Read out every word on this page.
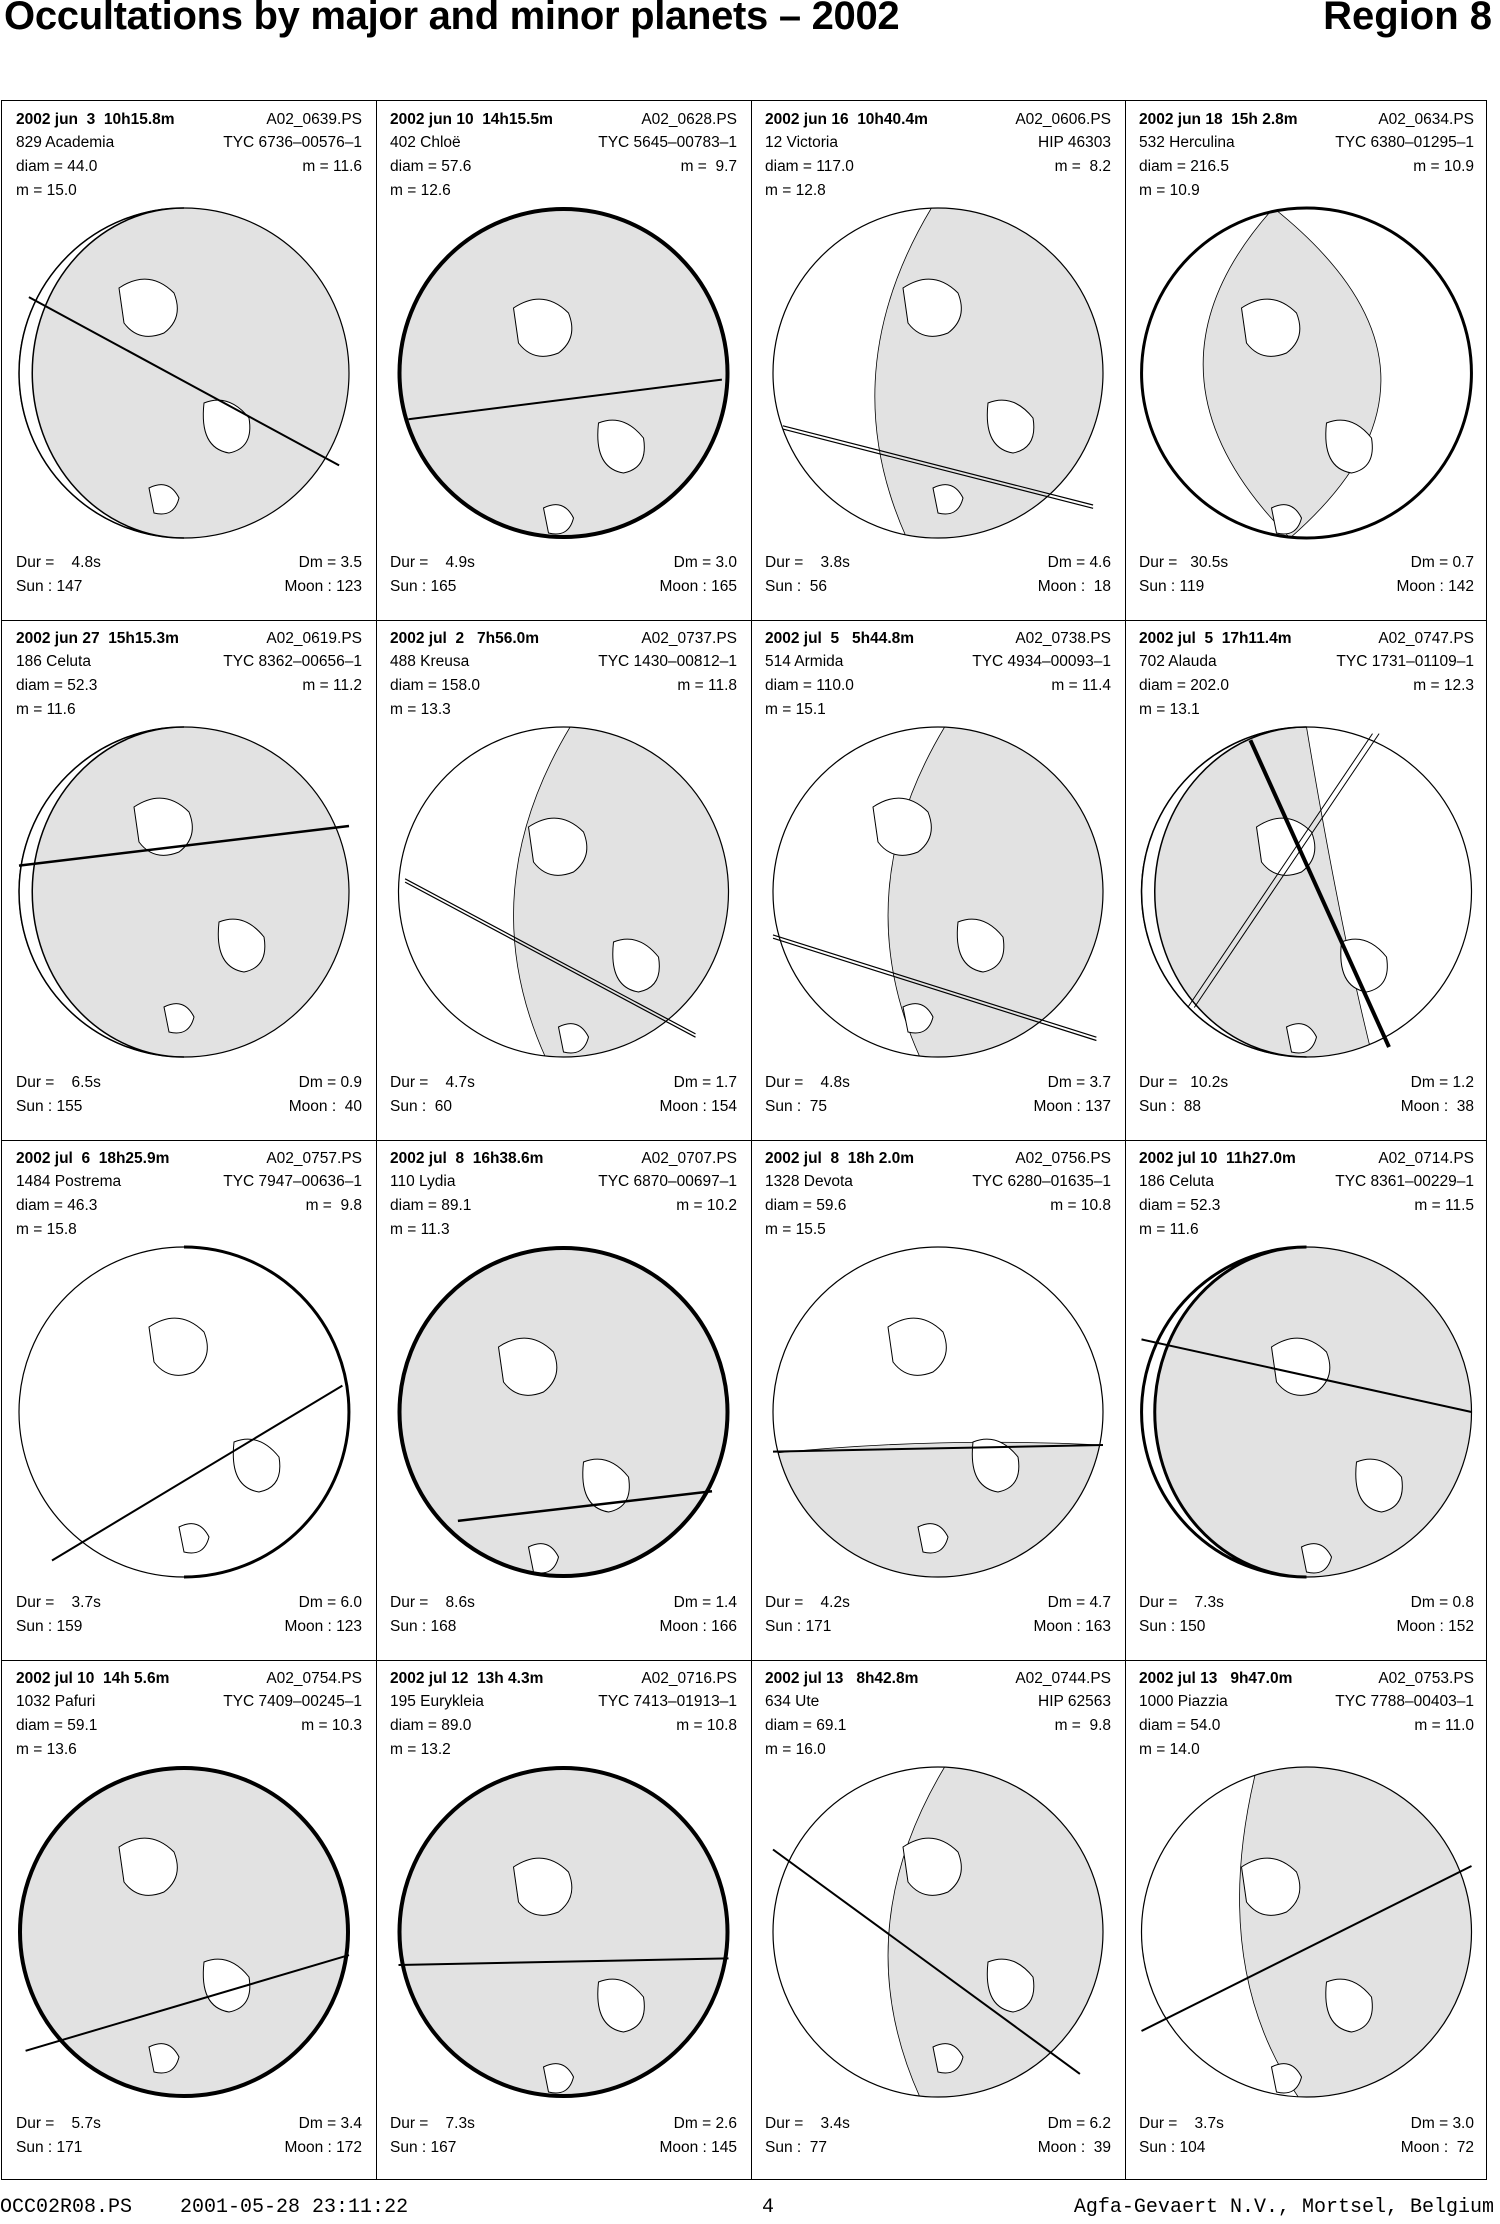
Occultations by major and minor planets – 2002	Region 8
2002 jun  3  10h15.8m	A02_0639.PS
829 Academia	TYC 6736–00576–1
diam = 44.0	m = 11.6
m = 15.0
Dur =    4.8s	Dm = 3.5
Sun : 147	Moon : 123
2002 jun 10  14h15.5m	A02_0628.PS
402 Chloë	TYC 5645–00783–1
diam = 57.6	m =  9.7
m = 12.6
Dur =    4.9s	Dm = 3.0
Sun : 165	Moon : 165
2002 jun 16  10h40.4m	A02_0606.PS
12 Victoria	HIP 46303
diam = 117.0	m =  8.2
m = 12.8
Dur =    3.8s	Dm = 4.6
Sun :  56	Moon :  18
2002 jun 18  15h 2.8m	A02_0634.PS
532 Herculina	TYC 6380–01295–1
diam = 216.5	m = 10.9
m = 10.9
Dur =   30.5s	Dm = 0.7
Sun : 119	Moon : 142
2002 jun 27  15h15.3m	A02_0619.PS
186 Celuta	TYC 8362–00656–1
diam = 52.3	m = 11.2
m = 11.6
Dur =    6.5s	Dm = 0.9
Sun : 155	Moon :  40
2002 jul  2   7h56.0m	A02_0737.PS
488 Kreusa	TYC 1430–00812–1
diam = 158.0	m = 11.8
m = 13.3
Dur =    4.7s	Dm = 1.7
Sun :  60	Moon : 154
2002 jul  5   5h44.8m	A02_0738.PS
514 Armida	TYC 4934–00093–1
diam = 110.0	m = 11.4
m = 15.1
Dur =    4.8s	Dm = 3.7
Sun :  75	Moon : 137
2002 jul  5  17h11.4m	A02_0747.PS
702 Alauda	TYC 1731–01109–1
diam = 202.0	m = 12.3
m = 13.1
Dur =   10.2s	Dm = 1.2
Sun :  88	Moon :  38
2002 jul  6  18h25.9m	A02_0757.PS
1484 Postrema	TYC 7947–00636–1
diam = 46.3	m =  9.8
m = 15.8
Dur =    3.7s	Dm = 6.0
Sun : 159	Moon : 123
2002 jul  8  16h38.6m	A02_0707.PS
110 Lydia	TYC 6870–00697–1
diam = 89.1	m = 10.2
m = 11.3
Dur =    8.6s	Dm = 1.4
Sun : 168	Moon : 166
2002 jul  8  18h 2.0m	A02_0756.PS
1328 Devota	TYC 6280–01635–1
diam = 59.6	m = 10.8
m = 15.5
Dur =    4.2s	Dm = 4.7
Sun : 171	Moon : 163
2002 jul 10  11h27.0m	A02_0714.PS
186 Celuta	TYC 8361–00229–1
diam = 52.3	m = 11.5
m = 11.6
Dur =    7.3s	Dm = 0.8
Sun : 150	Moon : 152
2002 jul 10  14h 5.6m	A02_0754.PS
1032 Pafuri	TYC 7409–00245–1
diam = 59.1	m = 10.3
m = 13.6
Dur =    5.7s	Dm = 3.4
Sun : 171	Moon : 172
2002 jul 12  13h 4.3m	A02_0716.PS
195 Eurykleia	TYC 7413–01913–1
diam = 89.0	m = 10.8
m = 13.2
Dur =    7.3s	Dm = 2.6
Sun : 167	Moon : 145
2002 jul 13   8h42.8m	A02_0744.PS
634 Ute	HIP 62563
diam = 69.1	m =  9.8
m = 16.0
Dur =    3.4s	Dm = 6.2
Sun :  77	Moon :  39
2002 jul 13   9h47.0m	A02_0753.PS
1000 Piazzia	TYC 7788–00403–1
diam = 54.0	m = 11.0
m = 14.0
Dur =    3.7s	Dm = 3.0
Sun : 104	Moon :  72
OCC02R08.PS    2001-05-28 23:11:22	4	Agfa-Gevaert N.V., Mortsel, Belgium
